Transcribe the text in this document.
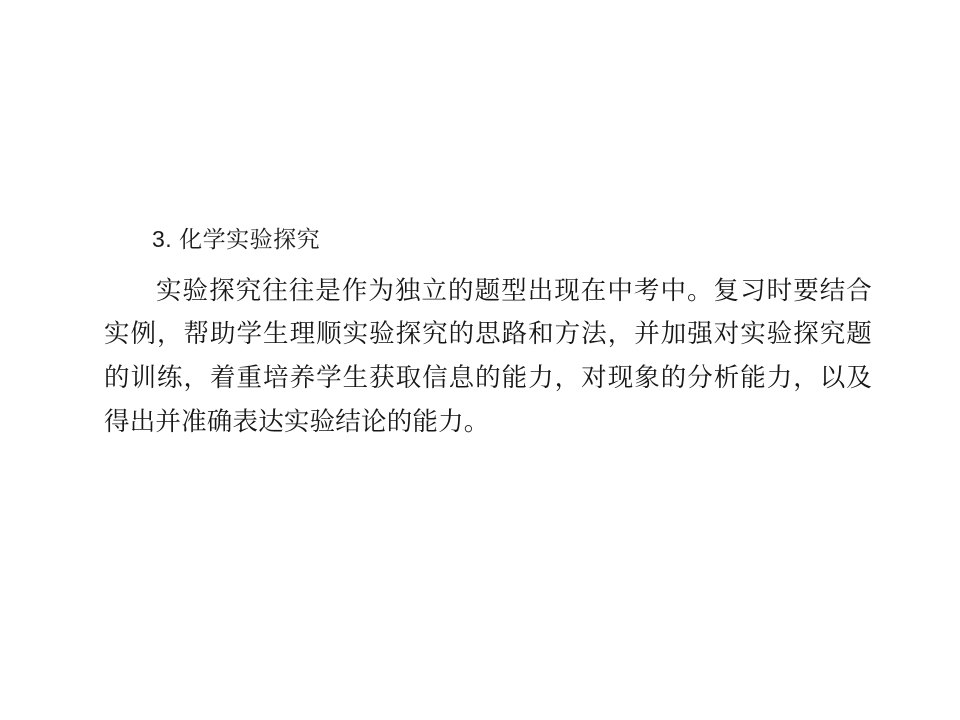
3. 化学实验探究

实验探究往往是作为独立的题型出现在中考中。复习时要结合实例，帮助学生理顺实验探究的思路和方法，并加强对实验探究题的训练，着重培养学生获取信息的能力，对现象的分析能力，以及得出并准确表达实验结论的能力。
